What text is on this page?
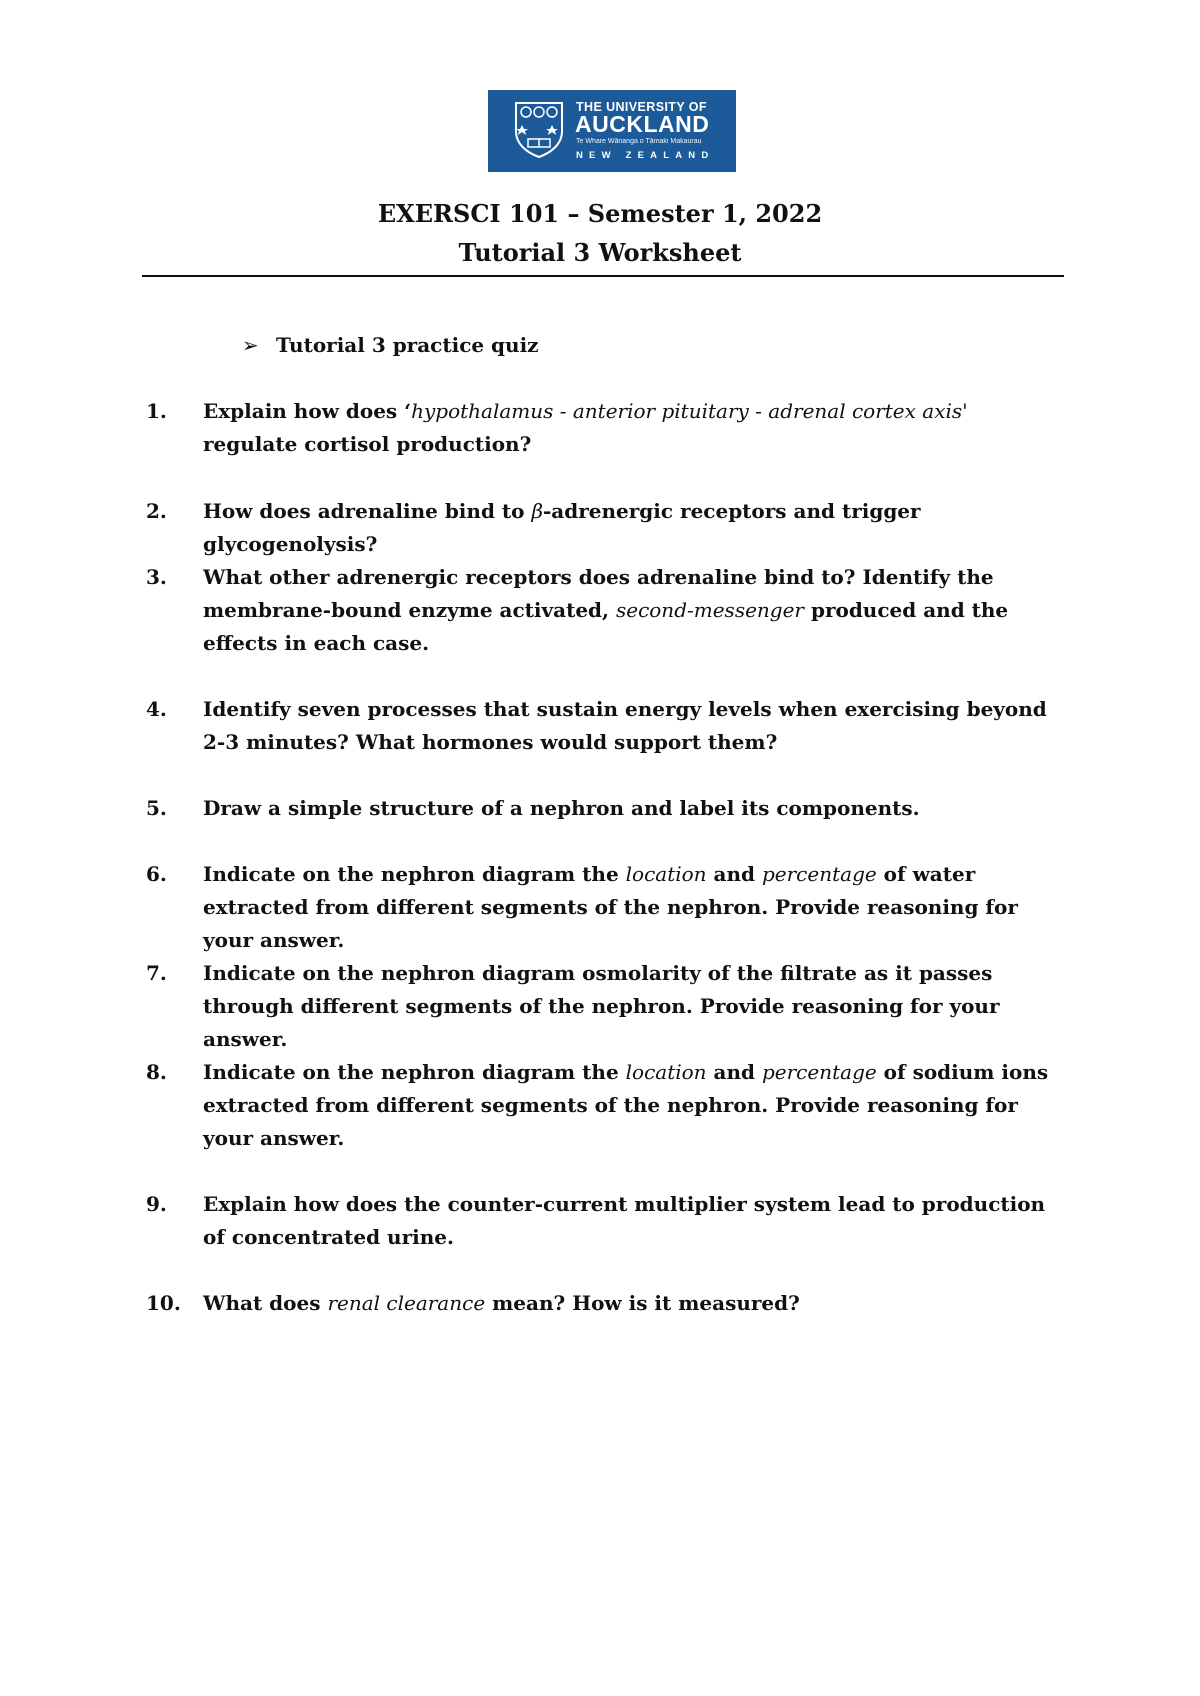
THE UNIVERSITY OF
AUCKLAND
Te Whare Wānanga o Tāmaki Makaurau
NEW ZEALAND
EXERSCI 101 – Semester 1, 2022
Tutorial 3 Worksheet
➢ Tutorial 3 practice quiz
1. Explain how does ‘hypothalamus - anterior pituitary - adrenal cortex axis' regulate cortisol production?
2. How does adrenaline bind to β-adrenergic receptors and trigger glycogenolysis?
3. What other adrenergic receptors does adrenaline bind to? Identify the membrane-bound enzyme activated, second-messenger produced and the effects in each case.
4. Identify seven processes that sustain energy levels when exercising beyond
2-3 minutes? What hormones would support them?
5. Draw a simple structure of a nephron and label its components.
6. Indicate on the nephron diagram the location and percentage of water extracted from different segments of the nephron. Provide reasoning for your answer.
7. Indicate on the nephron diagram osmolarity of the filtrate as it passes through different segments of the nephron. Provide reasoning for your answer.
8. Indicate on the nephron diagram the location and percentage of sodium ions extracted from different segments of the nephron. Provide reasoning for your answer.
9. Explain how does the counter-current multiplier system lead to production of concentrated urine.
10. What does renal clearance mean? How is it measured?
